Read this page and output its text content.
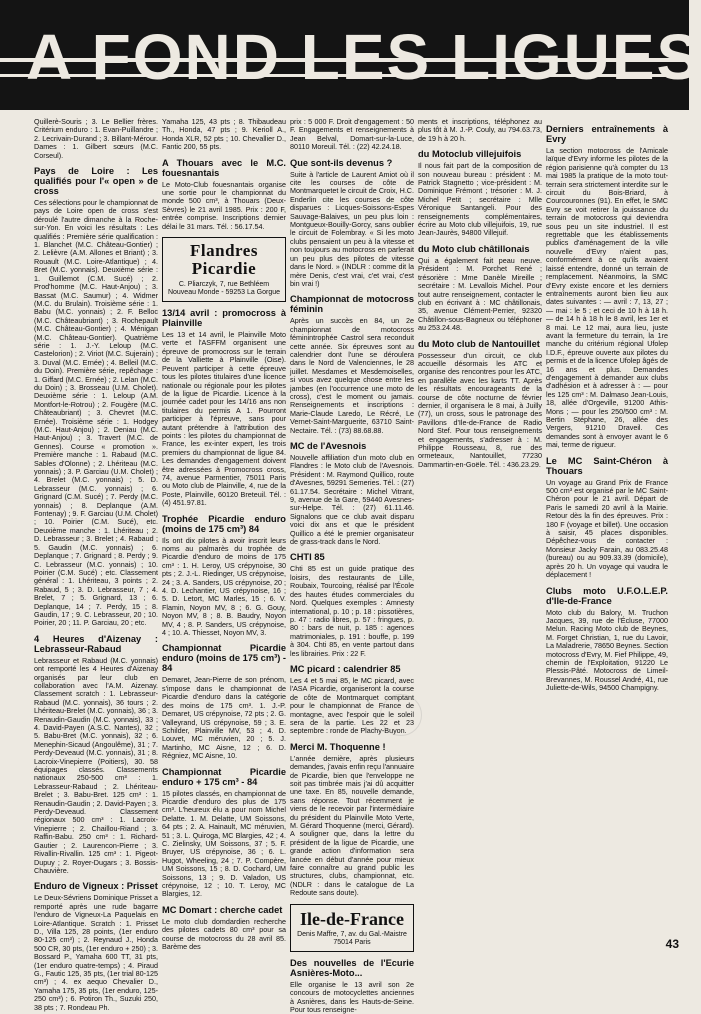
A FOND LES LIGUES

Quillerè-Souris ; 3. Le Bellier frères. Critérium enduro : 1. Evan-Puillandre ; 2. Lecrivain-Durand ; 3. Billant-Mérour. Dames : 1. Gilbert sœurs (M.C. Corseul).

Pays de Loire : Les qualifiés pour l'« open » de cross

Ces sélections pour le championnat de pays de Loire open de cross s'est déroulé l'autre dimanche à la Roche-sur-Yon. En voici les résultats : Les qualifiés : Première série qualification : 1. Blanchet (M.C. Château-Gontier) ; 2. Lelièvre (A.M. Allones et Briant) ; 3. Rouault (M.C. Loire-Atlantique) ; 4. Bret (M.C. yonnais). Deuxième série : 1. Guillemot (C.M. Sucé) ; 2. Prod'homme (M.C. Haut-Anjou) ; 3. Bassat (M.C. Saumur) ; 4. Widmer (M.C. du Brulain). Troisième série : 1. Babu (M.C. yonnais) ; 2. F. Belloc (M.C. Châteaubriant) ; 3. Rochepault (M.C. Château-Gontier) ; 4. Ménigan (M.C. Château-Gontier). Quatrième série : 1. J.-Y. Leloup (M.C. Castelorion) ; 2. Viriot (M.C. Sujerain) ; 3. Duval (M.C. Ernée) ; 4. Belleil (M.C. du Doin). Première série, repêchage : 1. Giffard (M.C. Ernée) ; 2. Lelan (M.C. du Doin) ; 3. Brosseau (U.M. Cholet). Deuxième série : 1. Leloup (A.M. Montfort-le-Rotrou) ; 2. Fougère (M.C. Châteaubriant) ; 3. Chevret (M.C. Ernée). Troisième série : 1. Hodgey (M.C. Haut-Anjou) ; 2. Deniau (M.C. Haut-Anjou) ; 3. Travert (M.C. de Gennes). Course « promotion ». Première manche : 1. Rabaud (M.C. Sables d'Olonne) ; 2. Lhériteau (M.C. yonnais) ; 3. P. Garciau (U.M. Cholet) ; 4. Brelet (M.C. yonnais) ; 5. D. Lebrasseur (M.C. yonnais) ; 6. Grignard (C.M. Sucé) ; 7. Perdy (M.C. yonnais) ; 8. Deplanque (A.M. Fontenay) ; 9. F. Garciau (U.M. Cholet) ; 10. Poirier (C.M. Sucé), etc. Deuxième manche : 1. Lhériteau ; 2. D. Lebrasseur ; 3. Brelet ; 4. Rabaud ; 5. Gaudin (M.C. yonnais) ; 6. Deplanque ; 7. Grignard ; 8. Perdy ; 9. C. Lebrasseur (M.C. yonnais) ; 10. Poirier (C.M. Sucé) ; etc. Classement général : 1. Lhériteau, 3 points ; 2. Rabaud, 5 ; 3. D. Lebrasseur, 7 ; 4. Brelet, 7 ; 5. Grignard, 13 ; 6. Deplanque, 14 ; 7. Perdy, 15 ; 8. Gaudin, 17 ; 9. C. Lebrasseur, 20 ; 10. Poirier, 20 ; 11. P. Garciau, 20 ; etc.

4 Heures d'Aizenay : Lebrasseur-Rabaud

Lebrasseur et Rabaud (M.C. yonnais) ont remporté les 4 Heures d'Aizenay organisés par leur club en collaboration avec l'A.M. Aizenay. Classement scratch : 1. Lebrasseur-Rabaud (M.C. yonnais), 36 tours ; 2. Lhériteau-Brelet (M.C. yonnais), 36 ; 3. Renaudin-Gaudin (M.C. yonnais), 33 ; 4. David-Payen (A.S.C. Nantes), 32 ; 5. Babu-Bret (M.C. yonnais), 32 ; 6. Menephin-Sicaud (Angoulême), 31 ; 7. Perdy-Deveaud (M.C. yonnais), 31 ; 8. Lacroix-Vinepierre (Poitiers), 30. 58 équipages classés. Classements nationaux 250-500 cm³ : 1. Lebrasseur-Rabaud ; 2. Lhériteau-Brelet ; 3. Babu-Bret. 125 cm³ : 1. Renaudin-Gaudin ; 2. David-Payen ; 3. Perdy-Deveaud. Classement régionaux 500 cm³ : 1. Lacroix-Vinepierre ; 2. Chaillou-Riand ; 3. Raffin-Babu. 250 cm³ : 1. Richard-Gautier ; 2. Laurencon-Pierre ; 3. Rivallin-Rivallin. 125 cm³ : 1. Pigeot-Dupuy ; 2. Royer-Dugars ; 3. Bossis-Chauvière.

Enduro de Vigneux : Prisset

Le Deux-Sévriens Dominique Prisset a remporté après une rude bagarre l'enduro de Vigneux-La Paquelais en Loire-Atlantique. Scratch : 1. Prisset D., Villa 125, 28 points, (1er enduro 80-125 cm³) ; 2. Reynaud J., Honda 500 CR, 30 pts, (1er enduro + 250) ; 3. Bossard P., Yamaha 600 TT, 31 pts, (1er enduro quatre-temps) ; 4. Piraud G., Fautic 125, 35 pts, (1er trial 80-125 cm³) ; 4. ex aequo Chevalier D., Yamaha 175, 35 pts, (1er enduro, 125-250 cm³) ; 6. Potiron Th., Suzuki 250, 38 pts ; 7. Rondeau Ph.

Yamaha 125, 43 pts ; 8. Thibaudeau Th., Honda, 47 pts ; 9. Kerioll A., Honda XLR, 52 pts ; 10. Chevallier D., Fantic 200, 55 pts.

A Thouars avec le M.C. fouesnantais

Le Moto-Club fouesnantais organise une sortie pour le championnat du monde 500 cm³, à Thouars (Deux-Sèvres) le 21 avril 1985. Prix : 200 F, entrée comprise. Inscriptions dernier délai le 31 mars. Tél. : 56.17.54.

Flandres Picardie
C. Pliarczyk, 7, rue Bethléem Nouveau Monde - 59253 La Gorgue
13/14 avril : promocross à Plainville

Les 13 et 14 avril, le Plainville Moto verte et l'ASFFM organisent une épreuve de promocross sur le terrain de la Valliette à Plainville (Oise). Peuvent participer à cette épreuve tous les pilotes titulaires d'une licence nationale ou régionale pour les pilotes de la ligue de Picardie. Licence à la journée cadet pour les 14/16 ans non titulaires du permis A 1. Pourront participer à l'épreuve, sans pour autant prétendre à l'attribution des points : les pilotes du championnat de France, les ex-inter expert, les trois premiers du championnat de ligue 84. Les demandes d'engagement doivent être adressées à Promocross cross, 74, avenue Parmentier, 75011 Paris ou Moto club de Plainville, 4, rue de la Poste, Plainville, 60120 Breteuil. Tél. : (4) 451.97.81.

Trophée Picardie enduro (moins de 175 cm³) 84

Ils ont dix pilotes à avoir inscrit leurs noms au palmarès du trophée de Picardie d'enduro de moins de 175 cm³ : 1. H. Leroy, US crépynoise, 30 pts ; 2. J.-L. Riedinger, US crépynoise, 24 ; 3. A. Sanders, US crépynoise, 20 ; 4. D. Lechantier, US crépynoise, 16 ; 5. D. Letort, MC Marles, 15 ; 6. V. Flamin, Noyon MV, 8 ; 6. G. Gouy, Noyon MV, 8 ; 8. B. Baudry, Noyon MV, 4 ; 8. P. Sanders, US crépynoise, 4 ; 10. A. Thiesset, Noyon MV, 3.

Championnat Picardie enduro (moins de 175 cm³) - 84

Demaret, Jean-Pierre de son prénom, s'impose dans le championnat de Picardie d'enduro dans la catégorie des moins de 175 cm³. 1. J.-P. Demaret, US crépynoise, 72 pts ; 2. G. Valleyrand, US crépynoise, 59 ; 3. E. Schilder, Plainville MV, 53 ; 4. D. Louvet, MC méruvien, 20 ; 5. J. Martinho, MC Aisne, 12 ; 6. D. Régniez, MC Aisne, 10.

Championnat Picardie enduro + 175 cm³ - 84

15 pilotes classés, en championnat de Picardie d'enduro des plus de 175 cm³. L'heureux élu a pour nom Michel Delatte. 1. M. Delatte, UM Soissons, 64 pts ; 2. A. Hainault, MC méruvien, 51 ; 3. L. Quiroga, MC Blargies, 42 ; 4. C. Zielinsky, UM Soissons, 37 ; 5. F. Bruyer, US crépynoise, 36 ; 6. L. Hugot, Wheeling, 24 ; 7. P. Compère, UM Soissons, 15 ; 8. D. Cochard, UM Soissons, 13 ; 9. D. Valadon, US crépynoise, 12 ; 10. T. Leroy, MC Blargies, 12.

MC Domart : cherche cadet

Le moto club domdardien recherche des pilotes cadets 80 cm³ pour sa course de motocross du 28 avril 85. Barème des

prix : 5 000 F. Droit d'engagement : 50 F. Engagements et renseignements à Jean Belval, Domart-sur-la-Luce, 80110 Moreuil. Tél. : (22) 42.24.18.

Que sont-ils devenus ?

Suite à l'article de Laurent Amiot où il cite les courses de côte de Montmarquetet le circuit de Croix, H.C. Enderlin cite les courses de côte disparues : Licques-Soissons-Espes Sauvage-Balaives, un peu plus loin : Montgueux-Bouilly-Gorcy, sans oublier le circuit de Folembray. « Si les moto clubs pensaient un peu à la vitesse et non toujours au motocross en parlerait un peu plus des pilotes de vitesse dans le Nord. » (INDLR : comme dit la mère Denis, c'est vrai, c'et vrai, c'est bin vrai !)

Championnat de motocross féminin

Après un succès en 84, un 2e championnat de motocross féminintrophée Castrol sera reconduit cette année. Six épreuves sont au calendrier dont l'une se déroulera dans le Nord de Valenciennes, le 28 juillet. Mesdames et Mesdemoiselles, si vous avez quelque chose entre les jambes (en l'occurrence une moto de cross), c'est le moment ou jamais. Renseignements et inscriptions : Marie-Claude Laredo, Le Récré, Le Vernet-Saint-Marguerite, 63710 Saint-Nectaire. Tél. : (73) 88.68.88.

MC de l'Avesnois

Nouvelle affiliation d'un moto club en Flandres : le Moto club de l'Avesnois. Président : M. Raymond Quillico, route d'Avesnes, 59291 Semeries. Tél. : (27) 61.17.54. Secrétaire : Michel Vitrant, 9, avenue de la Gare, 59440 Avesnes-sur-Helpe. Tél. : (27) 61.11.46. Signalons que ce club avait disparu voici dix ans et que le président Quillico a été le premier organisateur de grass-track dans le Nord.

CHTI 85

Chti 85 est un guide pratique des loisirs, des restaurants de Lille, Roubaix, Tourcoing, réalisé par l'École des hautes études commerciales du Nord. Quelques exemples : Amnesty international, p. 10 ; p. 18 : pissotières, p. 47 : radio libres, p. 57 : fringues, p. 80 : bars de nuit, p. 185 : agences matrimoniales, p. 191 : bouffe, p. 199 à 304. Chti 85, en vente partout dans les librairies. Prix : 22 F.

MC picard : calendrier 85

Les 4 et 5 mai 85, le MC picard, avec l'ASA Picardie, organiseront la course de côte de Montmarquet comptant pour le championnat de France de montagne, avec l'espoir que le soleil sera de la partie. Les 22 et 23 septembre : ronde de Plachy-Buyon.

Merci M. Thoquenne !

L'année dernière, après plusieurs demandes, j'avais enfin reçu l'annuaire de Picardie, bien que l'enveloppe ne soit pas timbrée mais j'ai dû acquitter une taxe. En 85, nouvelle demande, sans réponse. Tout récemment je viens de le recevoir par l'intermédiaire du président du Plainville Moto Verte, M. Gérard Thoquenne (merci, Gérard). A souligner que, dans la lettre du président de la ligue de Picardie, une grande action d'information sera lancée en début d'année pour mieux faire connaître au grand public les structures, clubs, championnat, etc. (NDLR : dans le catalogue de La Redoute sans doute).

Ile-de-France
Denis Maffre, 7, av. du Gal.-Maistre 75014 Paris
Des nouvelles de l'Ecurie Asnières-Moto...

Elle organise le 13 avril son 2e concours de motocyclettes anciennes à Asnières, dans les Hauts-de-Seine. Pour tous renseigne-

ments et inscriptions, téléphonez au plus tôt à M. J.-P. Couly, au 794.63.73, de 19 h à 20 h.

du Motoclub villejuifois

Il nous fait part de la composition de son nouveau bureau : président : M. Patrick Stagnetto ; vice-président : M. Dominique Frémont ; trésorier : M. J. Michel Petit ; secrétaire : Mlle Véronique Santangeli. Pour des renseignements complémentaires, écrire au Moto club villejuifois, 19, rue Jean-Jaurès, 94800 Villejuif.

du Moto club châtillonais

Qui a également fait peau neuve. Président : M. Porchet René ; trésorière : Mme Danèle Mireille ; secrétaire : M. Levallois Michel. Pour tout autre renseignement, contacter le club en écrivant à : MC châtillonais, 35, avenue Clément-Perrier, 92320 Châtillon-sous-Bagneux ou téléphoner au 253.24.48.

du Moto club de Nantouillet

Possesseur d'un circuit, ce club accueille désormais les ATC et organise des rencontres pour les ATC, en parallèle avec les karts TT. Après les résultats encourageants de la course de côte nocturne de février dernier, il organisera le 8 mai, à Juilly (77), un cross, sous le patronage des Pavillons d'Ile-de-France de Radio Nord Stef. Pour tous renseignements et engagements, s'adresser à : M. Philippe Rousseau, 8, rue des ormeteaux, Nantouillet, 77230 Dammartin-en-Goële. Tél. : 436.23.29.

Derniers entraînements à Evry

La section motocross de l'Amicale laïque d'Evry informe les pilotes de la région parisienne qu'à compter du 13 mai 1985 la pratique de la moto tout-terrain sera strictement interdite sur le circuit du Bois-Briard, à Courcouronnes (91). En effet, le SMC Evry se voit retirer la jouissance du terrain de motocross qui deviendra sous peu un site industriel. Il est regrettable que les établissements publics d'aménagement de la ville nouvelle d'Evry n'aient pas, conformément à ce qu'ils avaient laissé entendre, donné un terrain de remplacement. Néanmoins, la SMC d'Evry existe encore et les derniers entraînements auront bien lieu aux dates suivantes : — avril : 7, 13, 27 ; — mai : le 5 ; et ceci de 10 h à 18 h. — de 14 h à 18 h le 8 avril, les 1er et 8 mai. Le 12 mai, aura lieu, juste avant la fermeture du terrain, la 1re manche du critérium régional Ufolep I.D.F., épreuve ouverte aux pilotes du permis et de la licence Ufolep âgés de 16 ans et plus. Demandes d'engagement à demander aux clubs d'adhésion et à adresser à : — pour les 125 cm³ : M. Dalmaso Jean-Louis, 18, allée d'Orgeville, 91200 Athis-Mons ; — pour les 250/500 cm³ : M. Bertin Stéphane, 26, allée des Vergers, 91210 Draveil. Ces demandes sont à envoyer avant le 6 mai, terme de rigueur.

Le MC Saint-Chéron à Thouars

Un voyage au Grand Prix de France 500 cm³ est organisé par le MC Saint-Chéron pour le 21 avril. Départ de Paris le samedi 20 avril à la Mairie. Retour dès la fin des épreuves. Prix : 180 F (voyage et billet). Une occasion à saisir, 45 places disponibles. Dépêchez-vous de contacter : Monsieur Jacky Farain, au 083.25.48 (bureau) ou au 909.33.39 (domicile), après 20 h. Un voyage qui vaudra le déplacement !

Clubs moto U.F.O.L.E.P. d'Ile-de-France

Moto club du Balory, M. Truchon Jacques, 39, rue de l'Écluse, 77000 Melun. Racing Moto club de Beynes, M. Forget Christian, 1, rue du Lavoir, La Maladrerie, 78650 Beynes. Section motocross d'Evry, M. Fief Philippe, 49, chemin de l'Exploitation, 91220 Le Plessis-Pâté. Motocross de Limeil-Brevannes, M. Roussel André, 41, rue Juliette-de-Wils, 94500 Champigny.

43
